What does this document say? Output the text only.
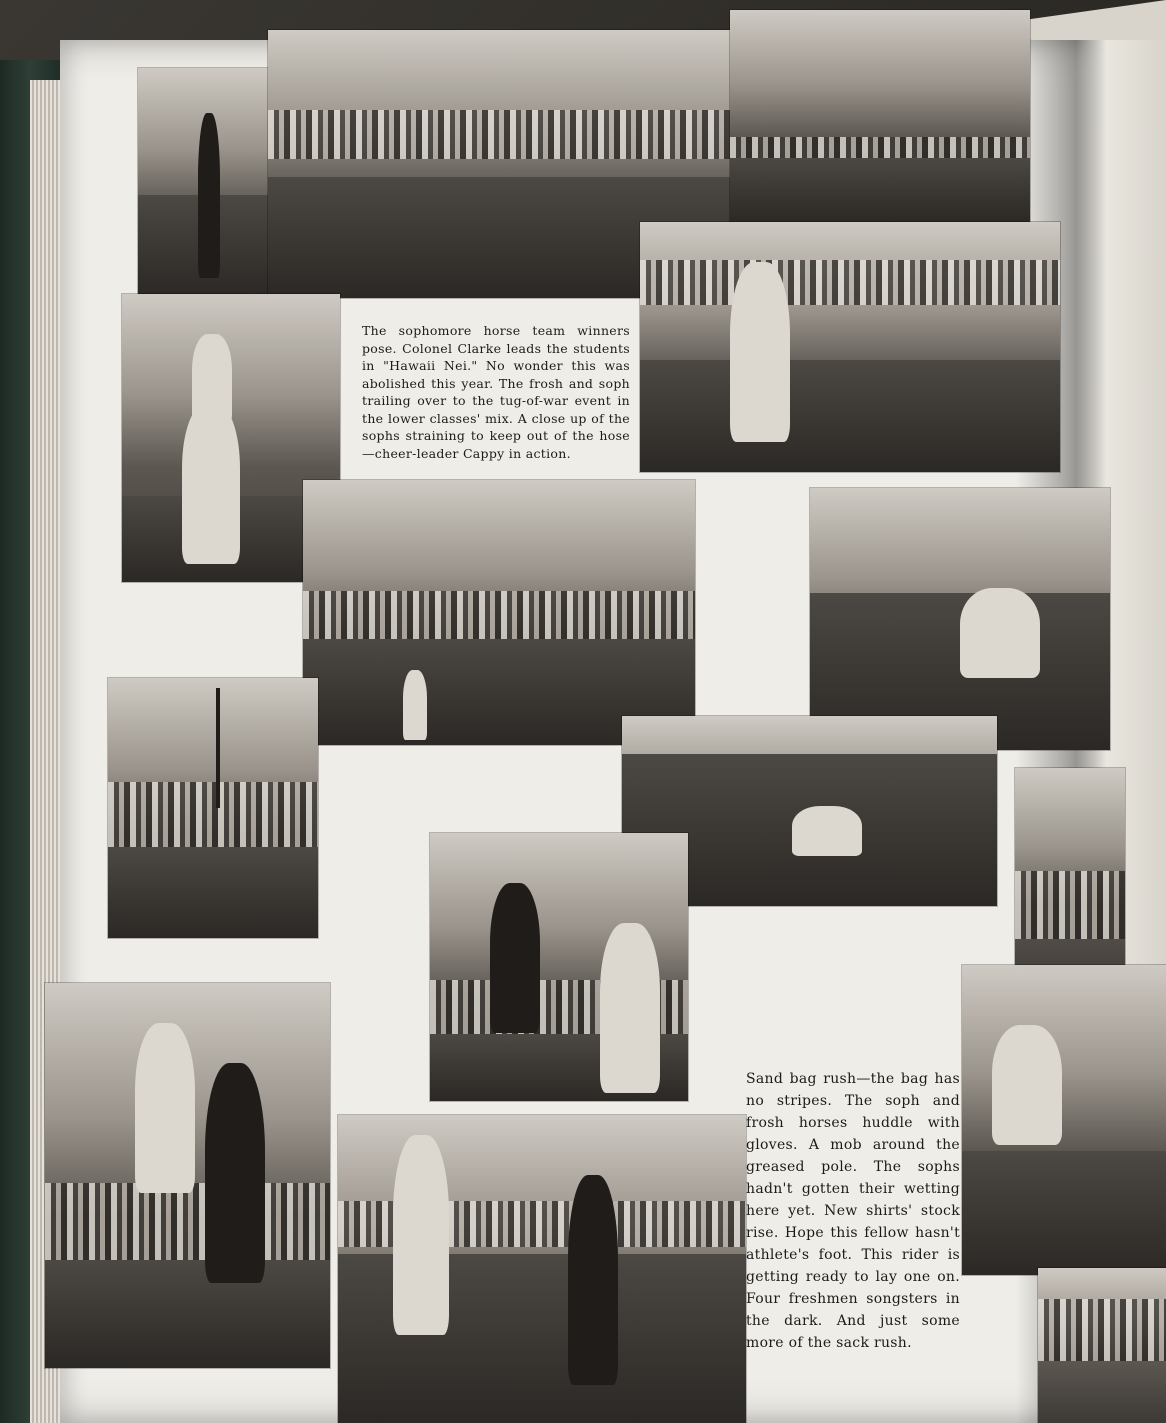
The sophomore horse team winners pose. Colonel Clarke leads the students in "Hawaii Nei." No wonder this was abolished this year. The frosh and soph trailing over to the tug-of-war event in the lower classes' mix. A close up of the sophs straining to keep out of the hose—cheer-leader Cappy in action.
Sand bag rush—the bag has no stripes. The soph and frosh horses huddle with gloves. A mob around the greased pole. The sophs hadn't gotten their wetting here yet. New shirts' stock rise. Hope this fellow hasn't athlete's foot. This rider is getting ready to lay one on. Four freshmen songsters in the dark. And just some more of the sack rush.
